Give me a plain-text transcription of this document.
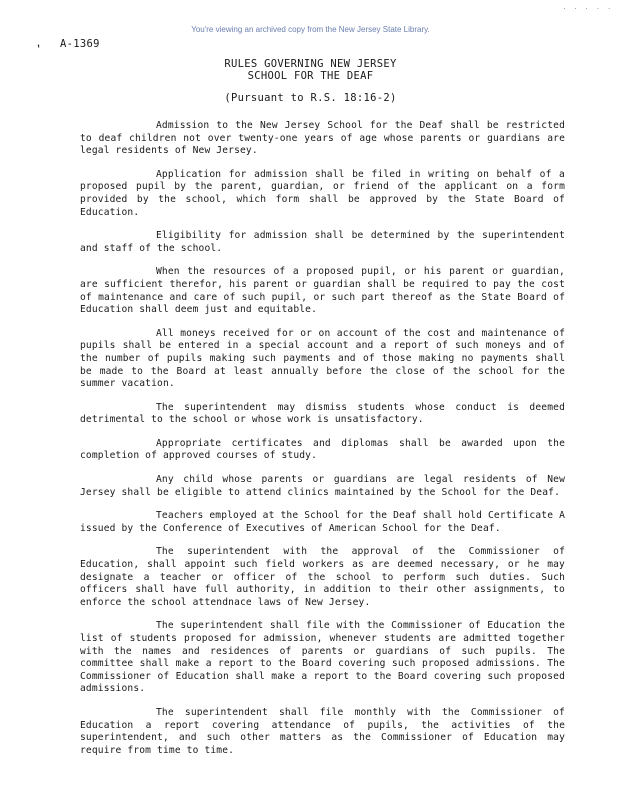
You're viewing an archived copy from the New Jersey State Library.
. . . . .
A-1369
’
RULES GOVERNING NEW JERSEY
SCHOOL FOR THE DEAF
(Pursuant to R.S. 18:16-2)

Admission to the New Jersey School for the Deaf shall be restricted to deaf children not over twenty-one years of age whose parents or guardians are legal residents of New Jersey.

Application for admission shall be filed in writing on behalf of a proposed pupil by the parent, guardian, or friend of the applicant on a form provided by the school, which form shall be approved by the State Board of Education.

Eligibility for admission shall be determined by the superintendent and staff of the school.

When the resources of a proposed pupil, or his parent or guardian, are sufficient therefor, his parent or guardian shall be required to pay the cost of maintenance and care of such pupil, or such part thereof as the State Board of Education shall deem just and equitable.

All moneys received for or on account of the cost and maintenance of pupils shall be entered in a special account and a report of such moneys and of the number of pupils making such payments and of those making no payments shall be made to the Board at least annually before the close of the school for the summer vacation.

The superintendent may dismiss students whose conduct is deemed detrimental to the school or whose work is unsatisfactory.

Appropriate certificates and diplomas shall be awarded upon the completion of approved courses of study.

Any child whose parents or guardians are legal residents of New Jersey shall be eligible to attend clinics maintained by the School for the Deaf.

Teachers employed at the School for the Deaf shall hold Certificate A issued by the Conference of Executives of American School for the Deaf.

The superintendent with the approval of the Commissioner of Education, shall appoint such field workers as are deemed necessary, or he may designate a teacher or officer of the school to perform such duties. Such officers shall have full authority, in addition to their other assignments, to enforce the school attendnace laws of New Jersey.

The superintendent shall file with the Commissioner of Education the list of students proposed for admission, whenever students are admitted together with the names and residences of parents or guardians of such pupils. The committee shall make a report to the Board covering such proposed admissions. The Commissioner of Education shall make a report to the Board covering such proposed admissions.

The superintendent shall file monthly with the Commissioner of Education a report covering attendance of pupils, the activities of the superintendent, and such other matters as the Commissioner of Education may require from time to time.
